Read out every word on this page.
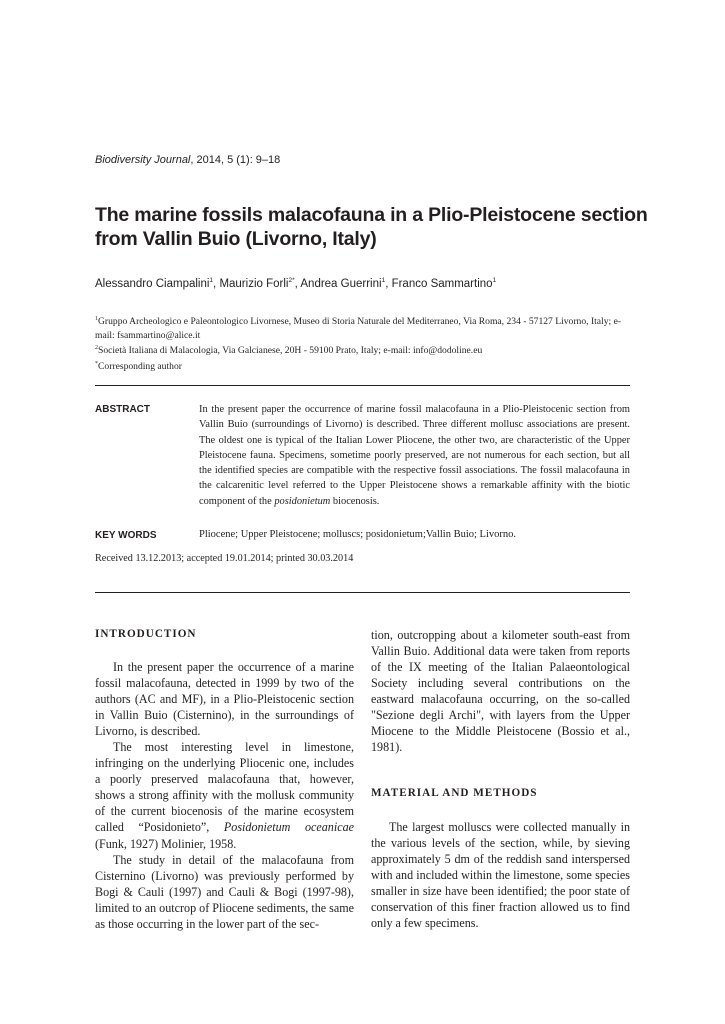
Biodiversity Journal, 2014, 5 (1): 9–18
The marine fossils malacofauna in a Plio-Pleistocene section from Vallin Buio (Livorno, Italy)
Alessandro Ciampalini$^1$, Maurizio Forli$^{2*}$, Andrea Guerrini$^1$, Franco Sammartino$^1$
$^1$Gruppo Archeologico e Paleontologico Livornese, Museo di Storia Naturale del Mediterraneo, Via Roma, 234 - 57127 Livorno, Italy; e-mail: fsammartino@alice.it
$^2$Società Italiana di Malacologia, Via Galcianese, 20H - 59100 Prato, Italy; e-mail: info@dodoline.eu
*Corresponding author
ABSTRACT	In the present paper the occurrence of marine fossil malacofauna in a Plio-Pleistocenic section from Vallin Buio (surroundings of Livorno) is described. Three different mollusc associations are present. The oldest one is typical of the Italian Lower Pliocene, the other two, are characteristic of the Upper Pleistocene fauna. Specimens, sometime poorly preserved, are not numerous for each section, but all the identified species are compatible with the respective fossil associations. The fossil malacofauna in the calcarenitic level referred to the Upper Pleistocene shows a remarkable affinity with the biotic component of the posidonietum biocenosis.
KEY WORDS	Pliocene; Upper Pleistocene; molluscs; posidonietum;Vallin Buio; Livorno.
Received 13.12.2013; accepted 19.01.2014; printed 30.03.2014
INTRODUCTION

In the present paper the occurrence of a marine fossil malacofauna, detected in 1999 by two of the authors (AC and MF), in a Plio-Pleistocenic section in Vallin Buio (Cisternino), in the surroundings of Livorno, is described.

The most interesting level in limestone, infringing on the underlying Pliocenic one, includes a poorly preserved malacofauna that, however, shows a strong affinity with the mollusk community of the current biocenosis of the marine ecosystem called “Posidonieto”, Posidonietum oceanicae (Funk, 1927) Molinier, 1958.

The study in detail of the malacofauna from Cisternino (Livorno) was previously performed by Bogi & Cauli (1997) and Cauli & Bogi (1997-98), limited to an outcrop of Pliocene sediments, the same as those occurring in the lower part of the sec-

tion, outcropping about a kilometer south-east from Vallin Buio. Additional data were taken from reports of the IX meeting of the Italian Palaeontological Society including several contributions on the eastward malacofauna occurring, on the so-called "Sezione degli Archi", with layers from the Upper Miocene to the Middle Pleistocene (Bossio et al., 1981).

MATERIAL AND METHODS

The largest molluscs were collected manually in the various levels of the section, while, by sieving approximately 5 dm of the reddish sand interspersed with and included within the limestone, some species smaller in size have been identified; the poor state of conservation of this finer fraction allowed us to find only a few specimens.
